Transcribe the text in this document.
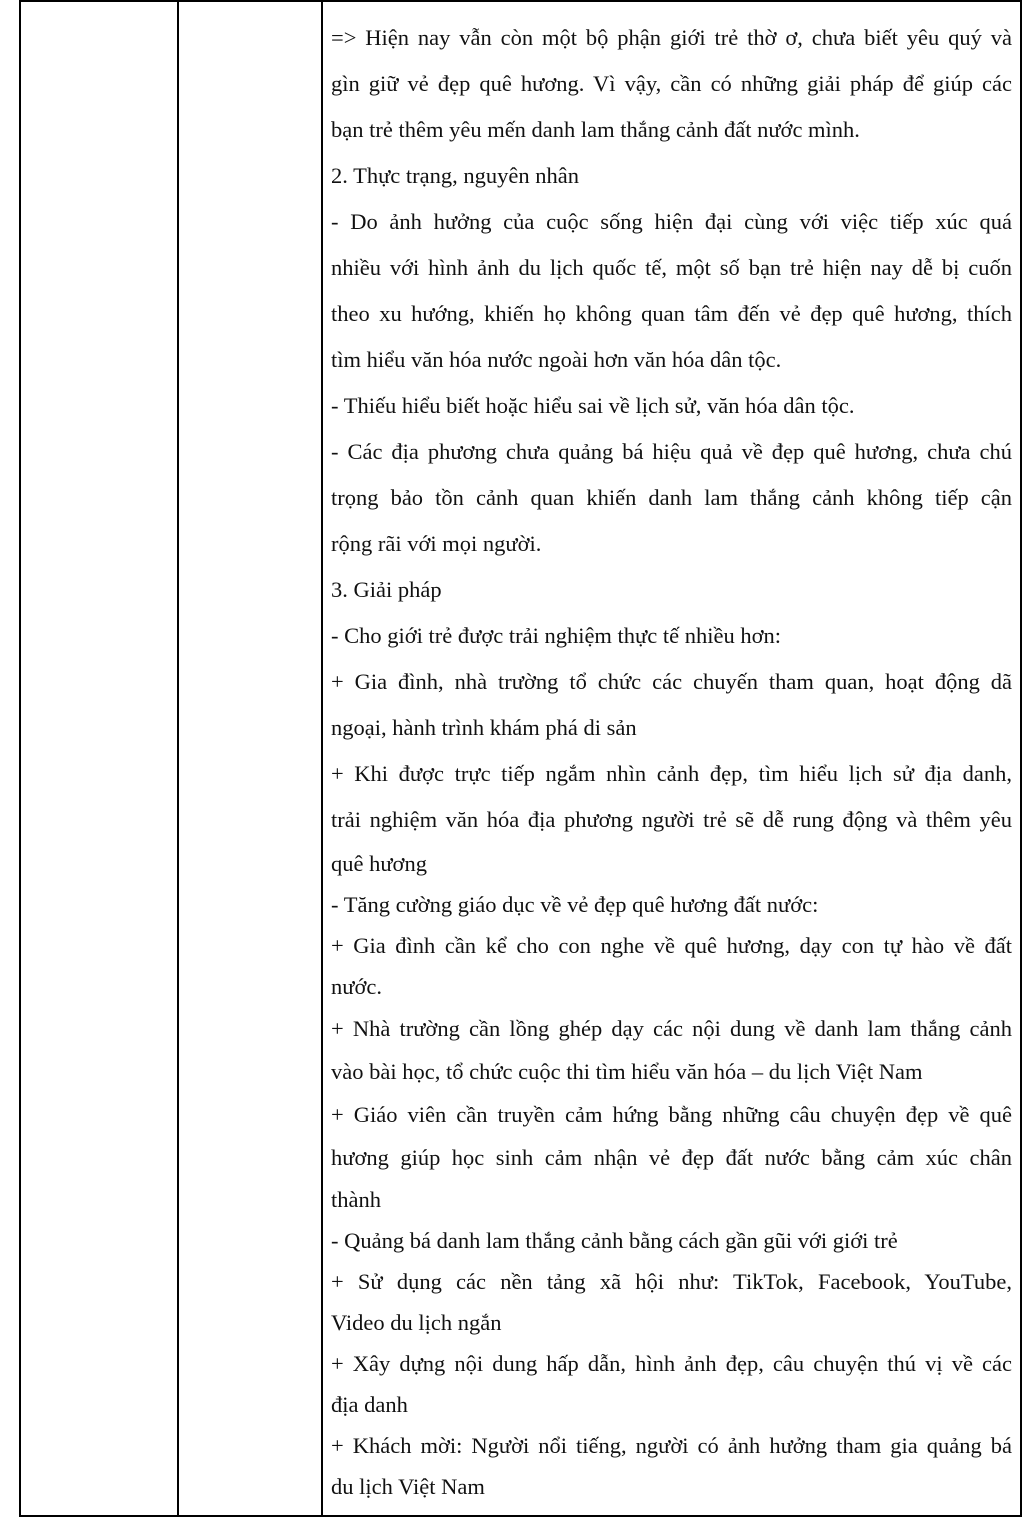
=> Hiện nay vẫn còn một bộ phận giới trẻ thờ ơ, chưa biết yêu quý và
gìn giữ vẻ đẹp quê hương. Vì vậy, cần có những giải pháp để giúp các
bạn trẻ thêm yêu mến danh lam thắng cảnh đất nước mình.
2. Thực trạng, nguyên nhân
- Do ảnh hưởng của cuộc sống hiện đại cùng với việc tiếp xúc quá
nhiều với hình ảnh du lịch quốc tế, một số bạn trẻ hiện nay dễ bị cuốn
theo xu hướng, khiến họ không quan tâm đến vẻ đẹp quê hương, thích
tìm hiểu văn hóa nước ngoài hơn văn hóa dân tộc.
- Thiếu hiểu biết hoặc hiểu sai về lịch sử, văn hóa dân tộc.
- Các địa phương chưa quảng bá hiệu quả về đẹp quê hương, chưa chú
trọng bảo tồn cảnh quan khiến danh lam thắng cảnh không tiếp cận
rộng rãi với mọi người.
3. Giải pháp
- Cho giới trẻ được trải nghiệm thực tế nhiều hơn:
+ Gia đình, nhà trường tổ chức các chuyến tham quan, hoạt động dã
ngoại, hành trình khám phá di sản
+ Khi được trực tiếp ngắm nhìn cảnh đẹp, tìm hiểu lịch sử địa danh,
trải nghiệm văn hóa địa phương người trẻ sẽ dễ rung động và thêm yêu
quê hương
- Tăng cường giáo dục về vẻ đẹp quê hương đất nước:
+ Gia đình cần kể cho con nghe về quê hương, dạy con tự hào về đất
nước.
+ Nhà trường cần lồng ghép dạy các nội dung về danh lam thắng cảnh
vào bài học, tổ chức cuộc thi tìm hiểu văn hóa – du lịch Việt Nam
+ Giáo viên cần truyền cảm hứng bằng những câu chuyện đẹp về quê
hương giúp học sinh cảm nhận vẻ đẹp đất nước bằng cảm xúc chân
thành
- Quảng bá danh lam thắng cảnh bằng cách gần gũi với giới trẻ
+ Sử dụng các nền tảng xã hội như: TikTok, Facebook, YouTube,
Video du lịch ngắn
+ Xây dựng nội dung hấp dẫn, hình ảnh đẹp, câu chuyện thú vị về các
địa danh
+ Khách mời: Người nổi tiếng, người có ảnh hưởng tham gia quảng bá
du lịch Việt Nam
